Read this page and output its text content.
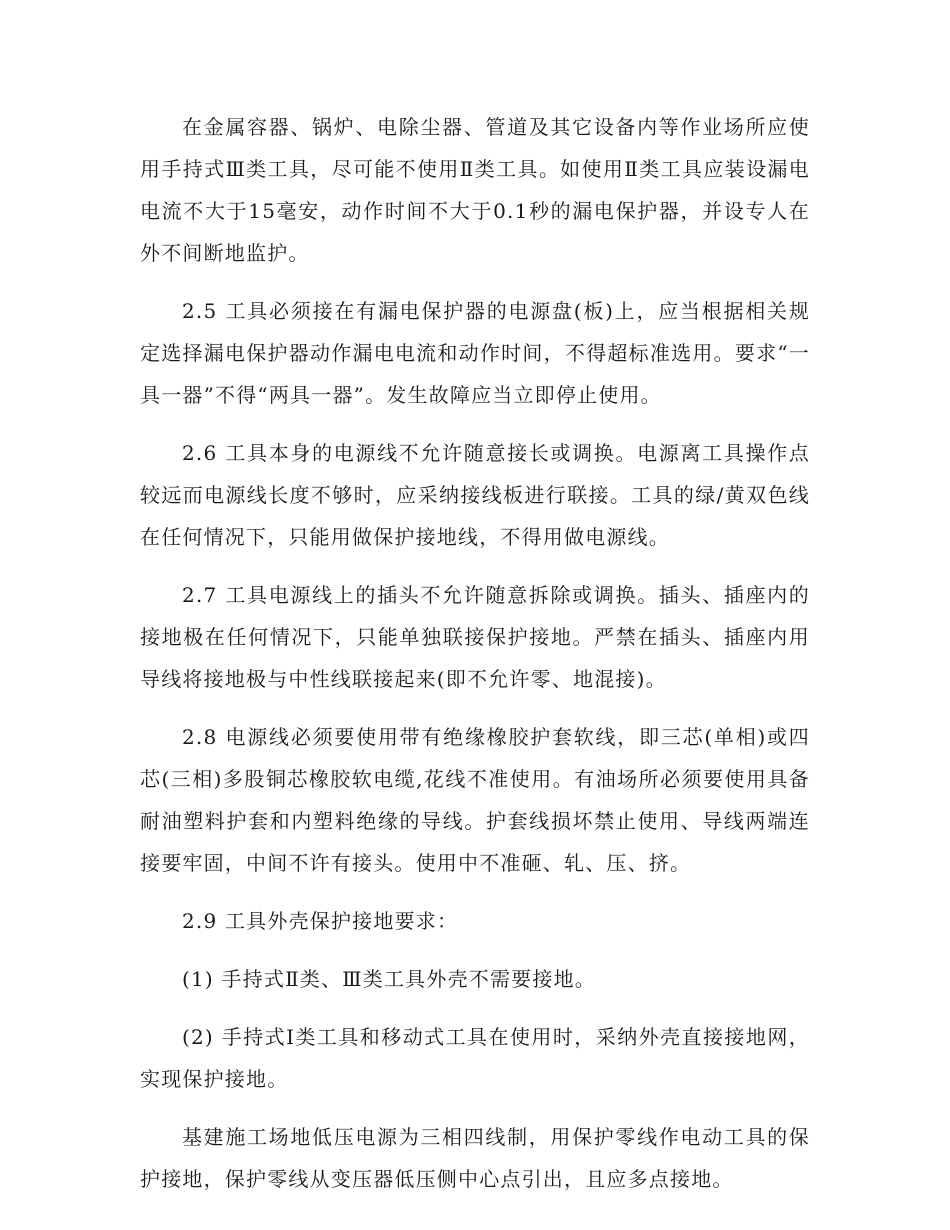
在金属容器、锅炉、电除尘器、管道及其它设备内等作业场所应使用手持式Ⅲ类工具，尽可能不使用Ⅱ类工具。如使用Ⅱ类工具应装设漏电电流不大于15毫安，动作时间不大于0.1秒的漏电保护器，并设专人在外不间断地监护。

2.5 工具必须接在有漏电保护器的电源盘(板)上，应当根据相关规定选择漏电保护器动作漏电电流和动作时间，不得超标准选用。要求“一具一器”不得“两具一器”。发生故障应当立即停止使用。

2.6 工具本身的电源线不允许随意接长或调换。电源离工具操作点较远而电源线长度不够时，应采纳接线板进行联接。工具的绿/黄双色线在任何情况下，只能用做保护接地线，不得用做电源线。

2.7 工具电源线上的插头不允许随意拆除或调换。插头、插座内的接地极在任何情况下，只能单独联接保护接地。严禁在插头、插座内用导线将接地极与中性线联接起来(即不允许零、地混接)。

2.8 电源线必须要使用带有绝缘橡胶护套软线，即三芯(单相)或四芯(三相)多股铜芯橡胶软电缆,花线不准使用。有油场所必须要使用具备耐油塑料护套和内塑料绝缘的导线。护套线损坏禁止使用、导线两端连接要牢固，中间不许有接头。使用中不准砸、轧、压、挤。

2.9 工具外壳保护接地要求：

(1) 手持式Ⅱ类、Ⅲ类工具外壳不需要接地。

(2) 手持式Ⅰ类工具和移动式工具在使用时，采纳外壳直接接地网，实现保护接地。

基建施工场地低压电源为三相四线制，用保护零线作电动工具的保护接地，保护零线从变压器低压侧中心点引出，且应多点接地。
